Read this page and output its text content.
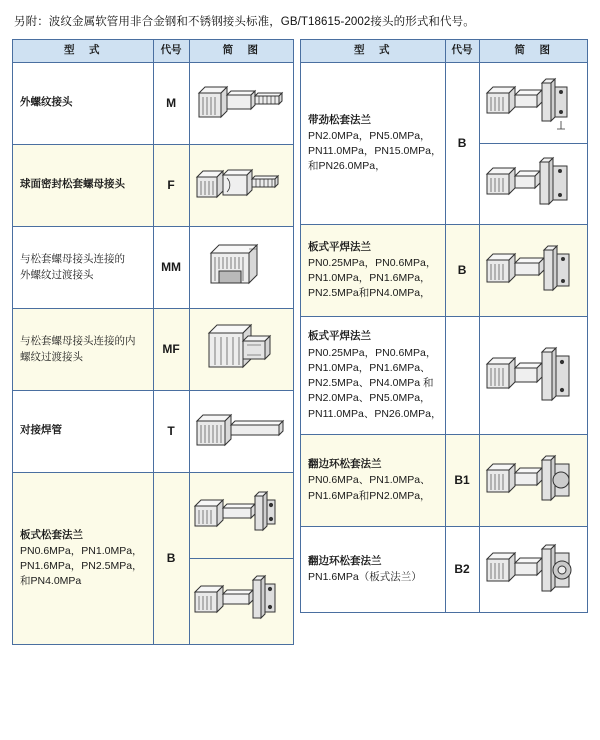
另附：波纹金属软管用非合金钢和不锈钢接头标准，GB/T18615-2002接头的形式和代号。
型　式	代号	简　图

外螺纹接头	M	

球面密封松套螺母接头	F	

与松套螺母接头连接的
外螺纹过渡接头	MM	

与松套螺母接头连接的内
螺纹过渡接头	MF	

对接焊管	T	

板式松套法兰
PN0.6MPa，PN1.0MPa，
PN1.6MPa，PN2.5MPa，
和PN4.0MPa	B	
型　式	代号	简　图

带劲松套法兰
PN2.0MPa，PN5.0MPa，
PN11.0MPa，PN15.0MPa，
和PN26.0MPa，	B	

板式平焊法兰
PN0.25MPa，PN0.6MPa，
PN1.0MPa，PN1.6MPa，
PN2.5MPa和PN4.0MPa，	B	

板式平焊法兰
PN0.25MPa，PN0.6MPa，
PN1.0MPa，PN1.6MPa、
PN2.5MPa、PN4.0MPa 和
PN2.0MPa、PN5.0MPa，
PN11.0MPa、PN26.0MPa，

翻边环松套法兰
PN0.6MPa、PN1.0MPa、
PN1.6MPa和PN2.0MPa，	B1	

翻边环松套法兰
PN1.6MPa（板式法兰）	B2	
